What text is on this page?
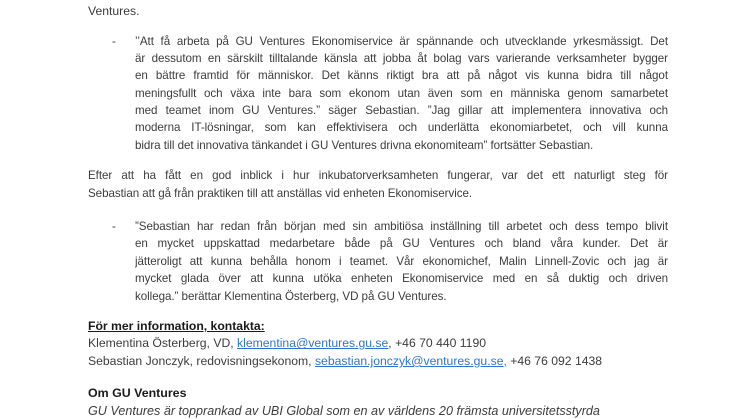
Ventures.
- ’’Att få arbeta på GU Ventures Ekonomiservice är spännande och utvecklande yrkesmässigt. Det
är dessutom en särskilt tilltalande känsla att jobba åt bolag vars varierande verksamheter bygger
en bättre framtid för människor. Det känns riktigt bra att på något vis kunna bidra till något
meningsfullt och växa inte bara som ekonom utan även som en människa genom samarbetet
med teamet inom GU Ventures.” säger Sebastian. ”Jag gillar att implementera innovativa och
moderna IT-lösningar, som kan effektivisera och underlätta ekonomiarbetet, och vill kunna
bidra till det innovativa tänkandet i GU Ventures drivna ekonomiteam” fortsätter Sebastian.
Efter att ha fått en god inblick i hur inkubatorverksamheten fungerar, var det ett naturligt steg för
Sebastian att gå från praktiken till att anställas vid enheten Ekonomiservice.
- ”Sebastian har redan från början med sin ambitiösa inställning till arbetet och dess tempo blivit
en mycket uppskattad medarbetare både på GU Ventures och bland våra kunder. Det är
jätteroligt att kunna behålla honom i teamet. Vår ekonomichef, Malin Linnell-Zovic och jag är
mycket glada över att kunna utöka enheten Ekonomiservice med en så duktig och driven
kollega.” berättar Klementina Österberg, VD på GU Ventures.
För mer information, kontakta:
Klementina Österberg, VD, klementina@ventures.gu.se, +46 70 440 1190
Sebastian Jonczyk, redovisningsekonom, sebastian.jonczyk@ventures.gu.se, +46 76 092 1438
Om GU Ventures
GU Ventures är topprankad av UBI Global som en av världens 20 främsta universitetsstyrda
